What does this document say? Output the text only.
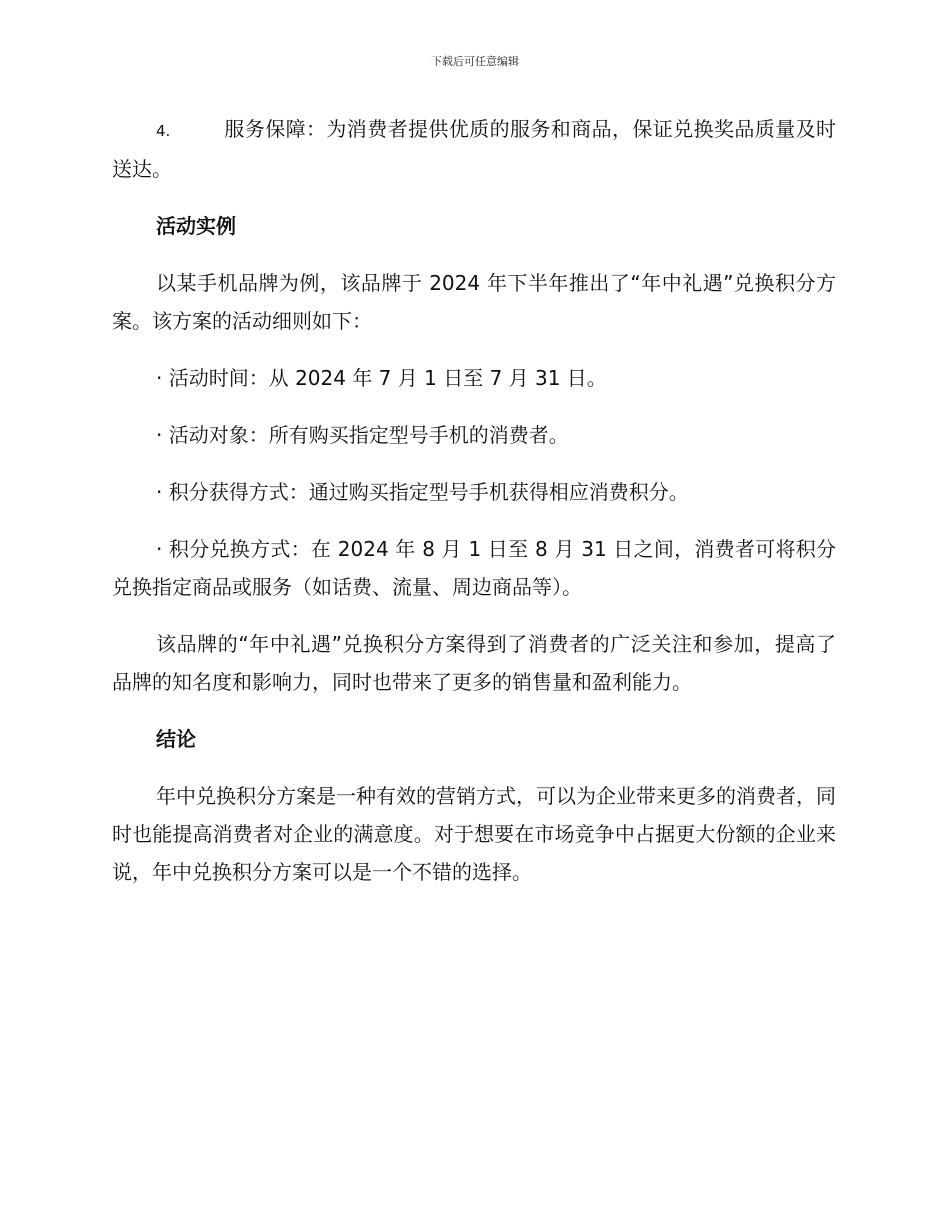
下载后可任意编辑

4.	服务保障：为消费者提供优质的服务和商品，保证兑换奖品质量及时送达。

活动实例

以某手机品牌为例，该品牌于 2024 年下半年推出了“年中礼遇”兑换积分方案。该方案的活动细则如下：

· 活动时间：从 2024 年 7 月 1 日至 7 月 31 日。
· 活动对象：所有购买指定型号手机的消费者。
· 积分获得方式：通过购买指定型号手机获得相应消费积分。
· 积分兑换方式：在 2024 年 8 月 1 日至 8 月 31 日之间，消费者可将积分兑换指定商品或服务（如话费、流量、周边商品等）。

该品牌的“年中礼遇”兑换积分方案得到了消费者的广泛关注和参加，提高了品牌的知名度和影响力，同时也带来了更多的销售量和盈利能力。

结论

年中兑换积分方案是一种有效的营销方式，可以为企业带来更多的消费者，同时也能提高消费者对企业的满意度。对于想要在市场竞争中占据更大份额的企业来说，年中兑换积分方案可以是一个不错的选择。
